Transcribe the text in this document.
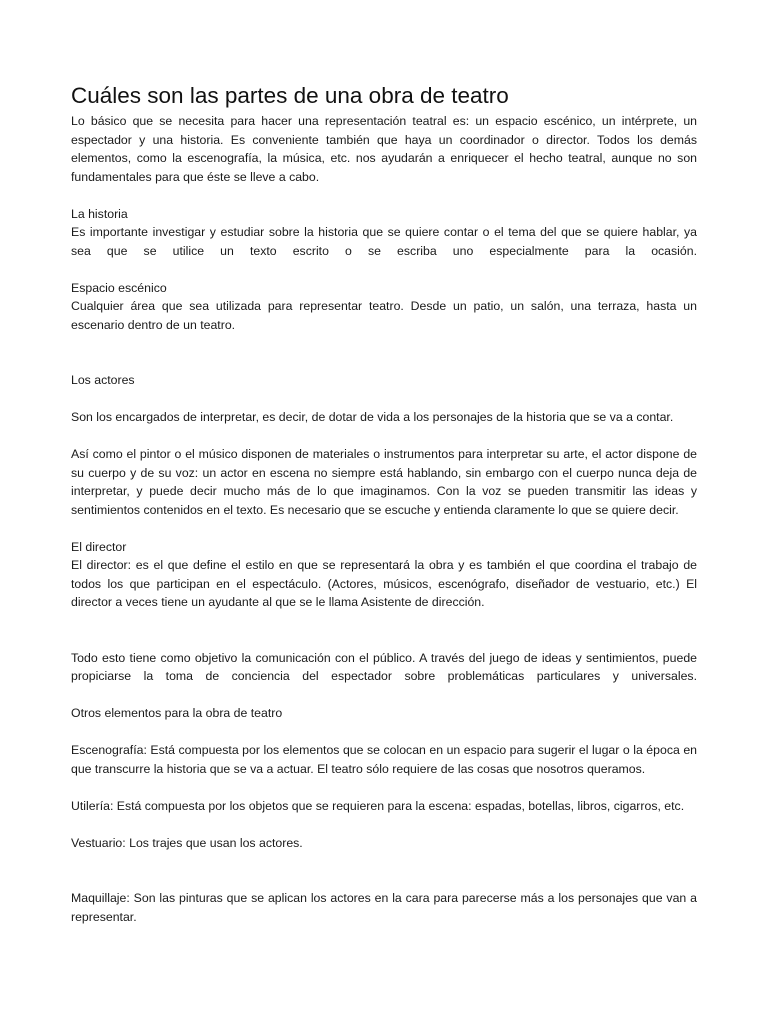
Cuáles son las partes de una obra de teatro

Lo básico que se necesita para hacer una representación teatral es: un espacio escénico, un intérprete, un espectador y una historia. Es conveniente también que haya un coordinador o director. Todos los demás elementos, como la escenografía, la música, etc. nos ayudarán a enriquecer el hecho teatral, aunque no son fundamentales para que éste se lleve a cabo.

La historia

Es importante investigar y estudiar sobre la historia que se quiere contar o el tema del que se quiere hablar, ya sea que se utilice un texto escrito o se escriba uno especialmente para la ocasión.

Espacio escénico

Cualquier área que sea utilizada para representar teatro. Desde un patio, un salón, una terraza, hasta un escenario dentro de un teatro.

Los actores

Son los encargados de interpretar, es decir, de dotar de vida a los personajes de la historia que se va a contar.

Así como el pintor o el músico disponen de materiales o instrumentos para interpretar su arte, el actor dispone de su cuerpo y de su voz: un actor en escena no siempre está hablando, sin embargo con el cuerpo nunca deja de interpretar, y puede decir mucho más de lo que imaginamos. Con la voz se pueden transmitir las ideas y sentimientos contenidos en el texto. Es necesario que se escuche y entienda claramente lo que se quiere decir.

El director

El director: es el que define el estilo en que se representará la obra y es también el que coordina el trabajo de todos los que participan en el espectáculo. (Actores, músicos, escenógrafo, diseñador de vestuario, etc.) El director a veces tiene un ayudante al que se le llama Asistente de dirección.

Todo esto tiene como objetivo la comunicación con el público. A través del juego de ideas y sentimientos, puede propiciarse la toma de conciencia del espectador sobre problemáticas particulares y universales.

Otros elementos para la obra de teatro

Escenografía: Está compuesta por los elementos que se colocan en un espacio para sugerir el lugar o la época en que transcurre la historia que se va a actuar. El teatro sólo requiere de las cosas que nosotros queramos.

Utilería: Está compuesta por los objetos que se requieren para la escena: espadas, botellas, libros, cigarros, etc.

Vestuario: Los trajes que usan los actores.

Maquillaje: Son las pinturas que se aplican los actores en la cara para parecerse más a los personajes que van a representar.
